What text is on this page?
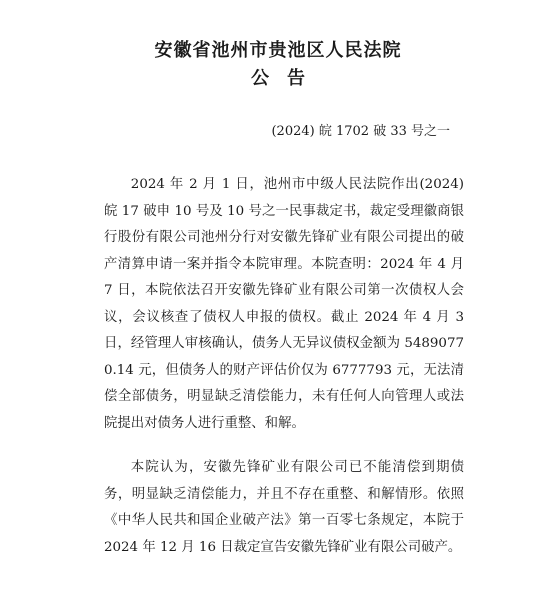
安徽省池州市贵池区人民法院
公告

(2024) 皖 1702 破 33 号之一

2024 年 2 月 1 日，池州市中级人民法院作出(2024) 皖 17 破申 10 号及 10 号之一民事裁定书，裁定受理徽商银行股份有限公司池州分行对安徽先锋矿业有限公司提出的破产清算申请一案并指令本院审理。本院查明：2024 年 4 月 7 日，本院依法召开安徽先锋矿业有限公司第一次债权人会议，会议核查了债权人申报的债权。截止 2024 年 4 月 3 日，经管理人审核确认，债务人无异议债权金额为 54890770.14 元，但债务人的财产评估价仅为 6777793 元，无法清偿全部债务，明显缺乏清偿能力，未有任何人向管理人或法院提出对债务人进行重整、和解。

本院认为，安徽先锋矿业有限公司已不能清偿到期债务，明显缺乏清偿能力，并且不存在重整、和解情形。依照《中华人民共和国企业破产法》第一百零七条规定，本院于 2024 年 12 月 16 日裁定宣告安徽先锋矿业有限公司破产。
